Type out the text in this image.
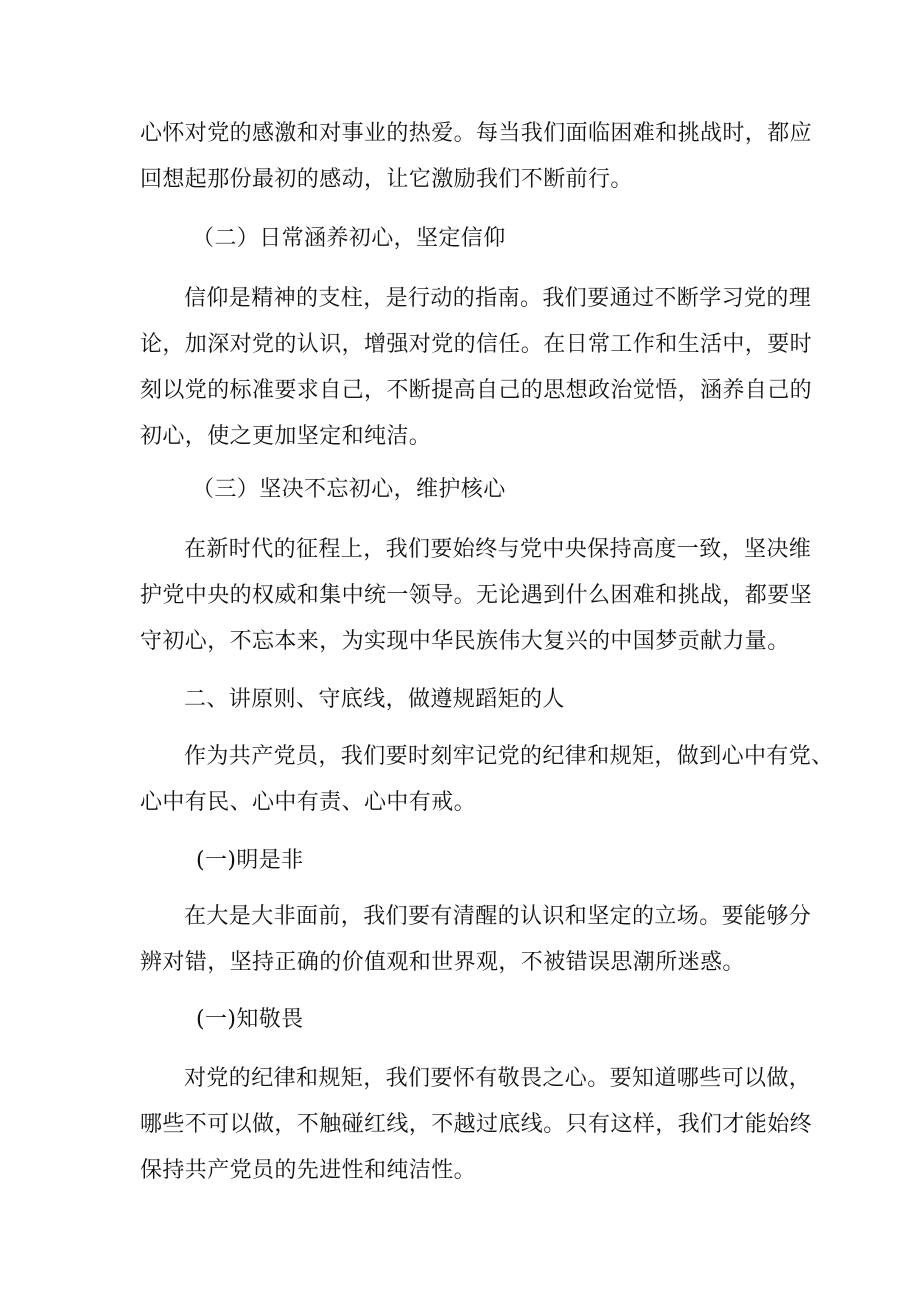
心怀对党的感激和对事业的热爱。每当我们面临困难和挑战时，都应

回想起那份最初的感动，让它激励我们不断前行。

（二）日常涵养初心，坚定信仰

信仰是精神的支柱，是行动的指南。我们要通过不断学习党的理

论，加深对党的认识，增强对党的信任。在日常工作和生活中，要时

刻以党的标准要求自己，不断提高自己的思想政治觉悟，涵养自己的

初心，使之更加坚定和纯洁。

（三）坚决不忘初心，维护核心

在新时代的征程上，我们要始终与党中央保持高度一致，坚决维

护党中央的权威和集中统一领导。无论遇到什么困难和挑战，都要坚

守初心，不忘本来，为实现中华民族伟大复兴的中国梦贡献力量。

二、讲原则、守底线，做遵规蹈矩的人

作为共产党员，我们要时刻牢记党的纪律和规矩，做到心中有党、

心中有民、心中有责、心中有戒。

(一)明是非

在大是大非面前，我们要有清醒的认识和坚定的立场。要能够分

辨对错，坚持正确的价值观和世界观，不被错误思潮所迷惑。

(一)知敬畏

对党的纪律和规矩，我们要怀有敬畏之心。要知道哪些可以做，

哪些不可以做，不触碰红线，不越过底线。只有这样，我们才能始终

保持共产党员的先进性和纯洁性。
